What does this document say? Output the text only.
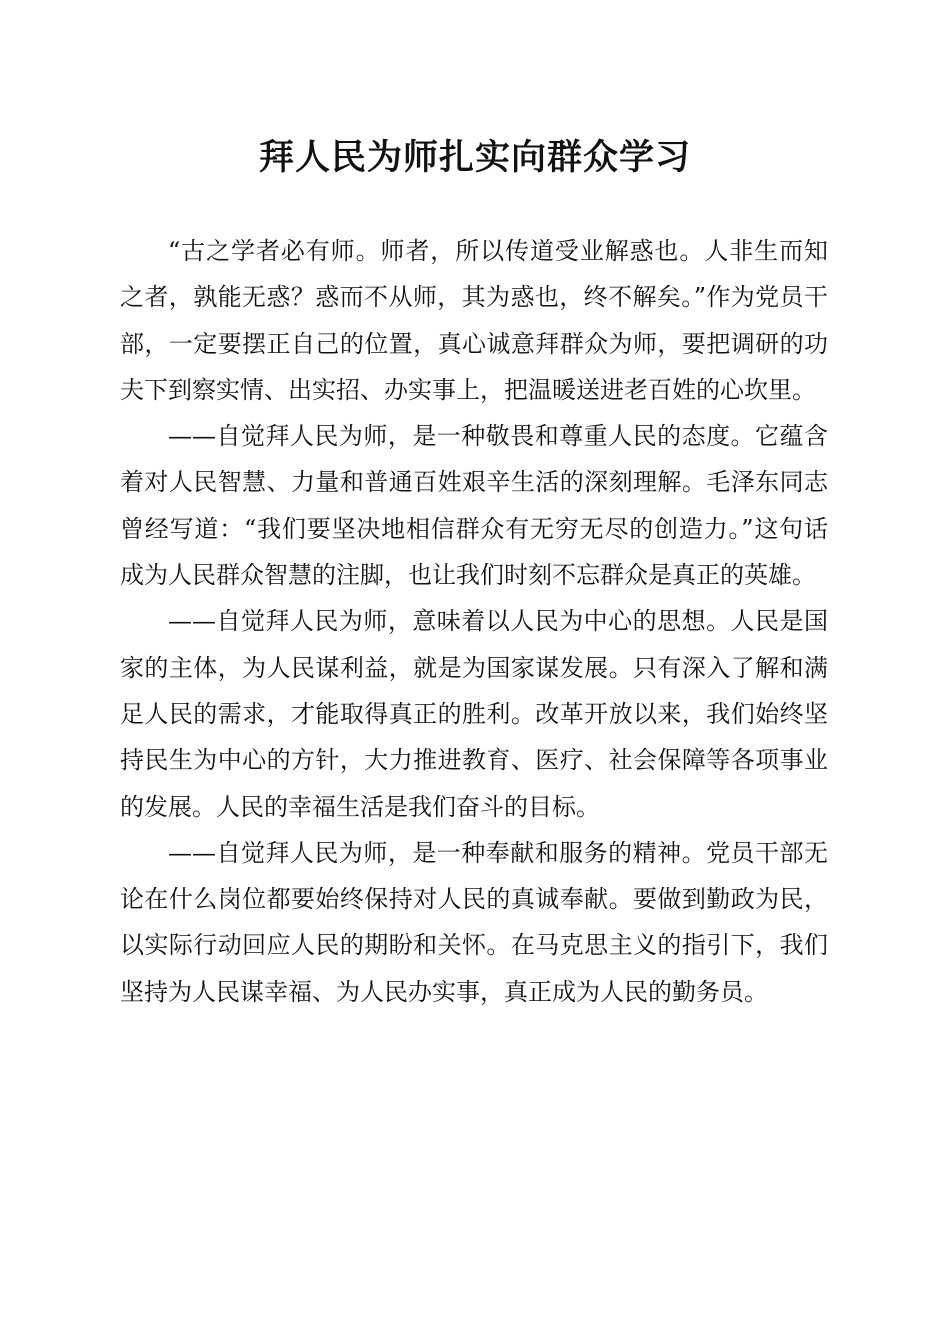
拜人民为师扎实向群众学习

“古之学者必有师。师者，所以传道受业解惑也。人非生而知之者，孰能无惑？惑而不从师，其为惑也，终不解矣。”作为党员干部，一定要摆正自己的位置，真心诚意拜群众为师，要把调研的功夫下到察实情、出实招、办实事上，把温暖送进老百姓的心坎里。

——自觉拜人民为师，是一种敬畏和尊重人民的态度。它蕴含着对人民智慧、力量和普通百姓艰辛生活的深刻理解。毛泽东同志曾经写道：“我们要坚决地相信群众有无穷无尽的创造力。”这句话成为人民群众智慧的注脚，也让我们时刻不忘群众是真正的英雄。

——自觉拜人民为师，意味着以人民为中心的思想。人民是国家的主体，为人民谋利益，就是为国家谋发展。只有深入了解和满足人民的需求，才能取得真正的胜利。改革开放以来，我们始终坚持民生为中心的方针，大力推进教育、医疗、社会保障等各项事业的发展。人民的幸福生活是我们奋斗的目标。

——自觉拜人民为师，是一种奉献和服务的精神。党员干部无论在什么岗位都要始终保持对人民的真诚奉献。要做到勤政为民，以实际行动回应人民的期盼和关怀。在马克思主义的指引下，我们坚持为人民谋幸福、为人民办实事，真正成为人民的勤务员。
